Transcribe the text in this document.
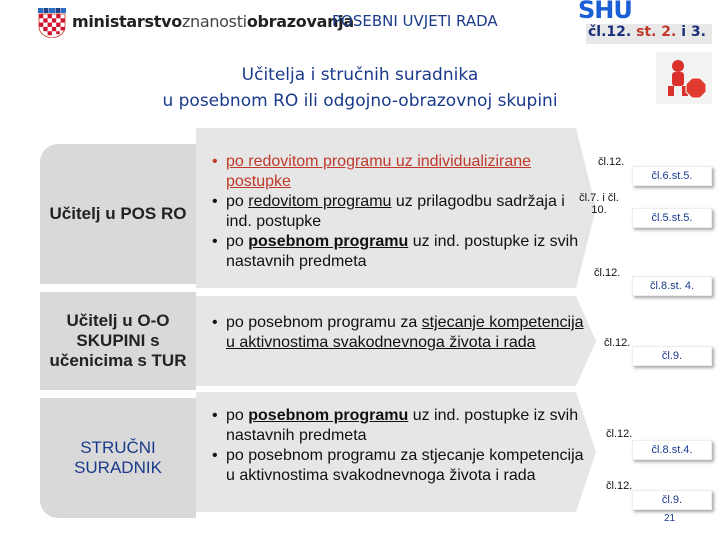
ministarstvoznanostiobrazovanja
POSEBNI UVJETI RADA	SHU
čl.12. st. 2. i 3.
Učitelja i stručnih suradnika
u posebnom RO ili odgojno-obrazovnoj skupini
Učitelj u POS RO
• po redovitom programu uz individualizirane postupke
• po redovitom programu uz prilagodbu sadržaja i ind. postupke
• po posebnom programu uz ind. postupke iz svih nastavnih predmeta
čl.12.
čl.7. i čl. 10.
čl.12.
čl.6.st.5.
čl.5.st.5.
čl.8.st. 4.
Učitelj u O-O SKUPINI s učenicima s TUR
• po posebnom programu za stjecanje kompetencija u aktivnostima svakodnevnoga života i rada	čl.12.
čl.9.
STRUČNI SURADNIK
• po posebnom programu uz ind. postupke iz svih nastavnih predmeta
• po posebnom programu za stjecanje kompetencija u aktivnostima svakodnevnoga života i rada
čl.12.
čl.12.
čl.8.st.4.
čl.9.
21
